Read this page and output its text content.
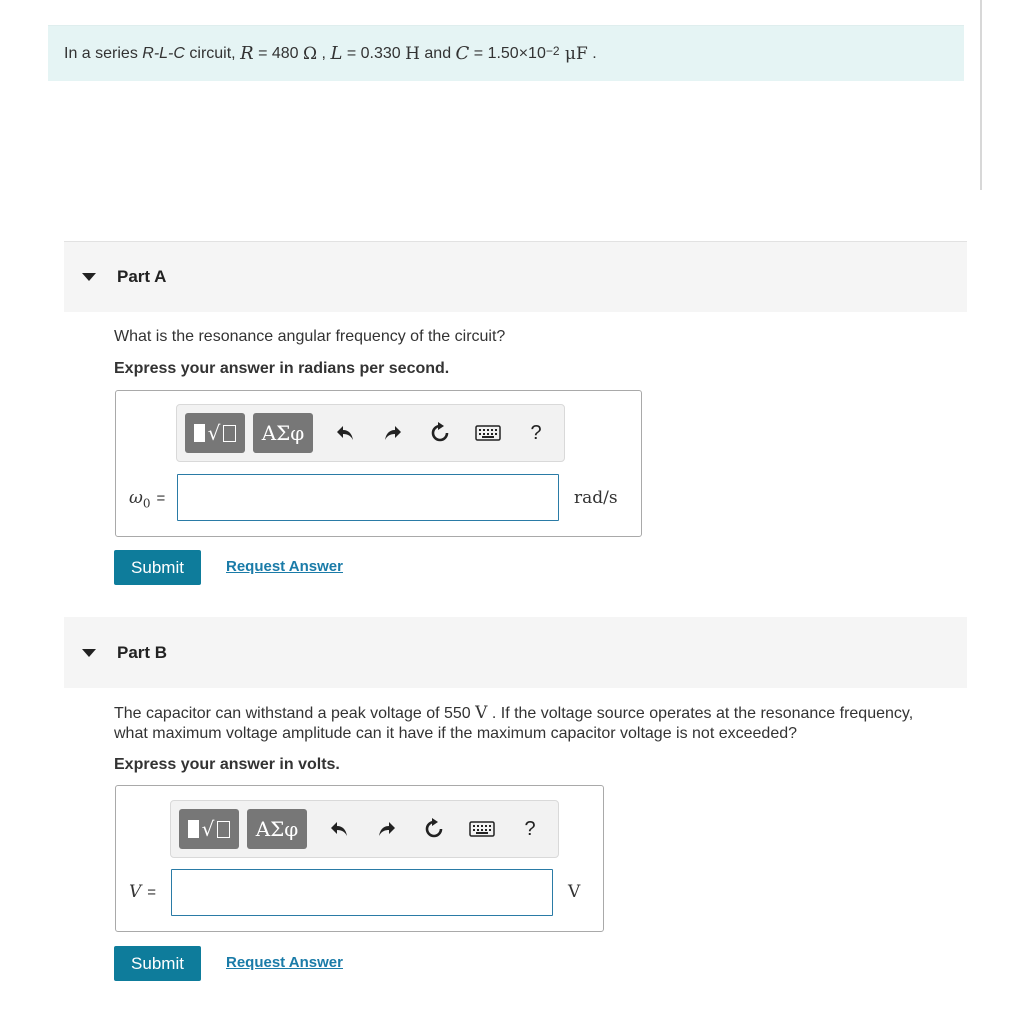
In a series R-L-C circuit, R = 480 Ω , L = 0.330 H and $C = 1.50\times 10^{-2}$ μF .
Part A
What is the resonance angular frequency of the circuit?
Express your answer in radians per second.
√ ΑΣφ	?
$\omega_0$ =	rad/s
Submit	Request Answer
Part B
The capacitor can withstand a peak voltage of 550 V . If the voltage source operates at the resonance frequency,
what maximum voltage amplitude can it have if the maximum capacitor voltage is not exceeded?
Express your answer in volts.
√ ΑΣφ	?
V =	V
Submit	Request Answer
